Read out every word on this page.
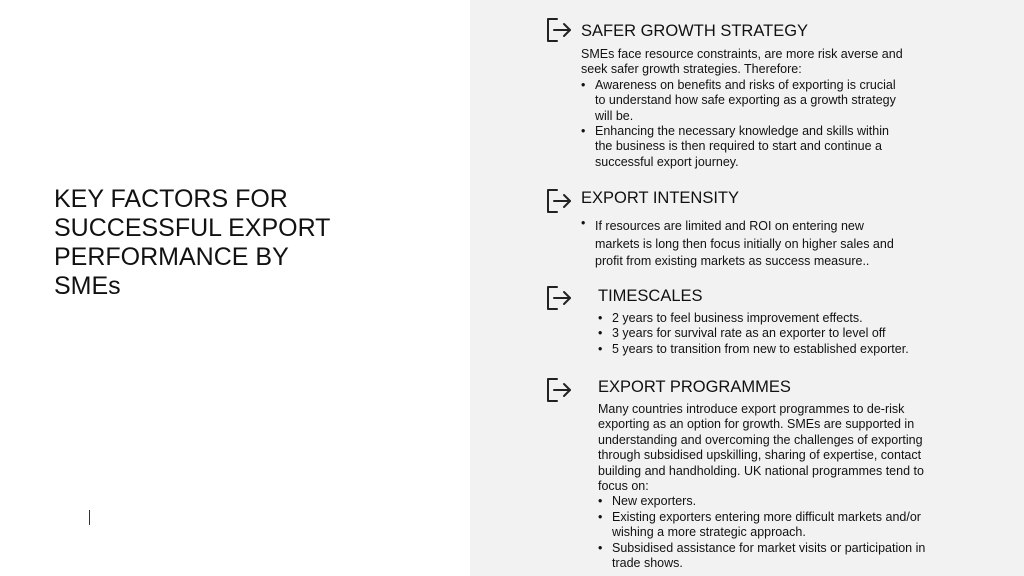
KEY FACTORS FOR SUCCESSFUL EXPORT PERFORMANCE BY SMEs
SAFER GROWTH STRATEGY

SMEs face resource constraints, are more risk averse and seek safer growth strategies. Therefore:

• Awareness on benefits and risks of exporting is crucial to understand how safe exporting as a growth strategy will be.
• Enhancing the necessary knowledge and skills within the business is then required to start and continue a successful export journey.
EXPORT INTENSITY
• If resources are limited and ROI on entering new markets is long then focus initially on higher sales and profit from existing markets as success measure..
TIMESCALES
• 2 years to feel business improvement effects.
• 3 years for survival rate as an exporter to level off
• 5 years to transition from new to established exporter.
EXPORT PROGRAMMES

Many countries introduce export programmes to de-risk exporting as an option for growth. SMEs are supported in understanding and overcoming the challenges of exporting through subsidised upskilling, sharing of expertise, contact building and handholding. UK national programmes tend to focus on:

• New exporters.
• Existing exporters entering more difficult markets and/or wishing a more strategic approach.
• Subsidised assistance for market visits or participation in trade shows.
